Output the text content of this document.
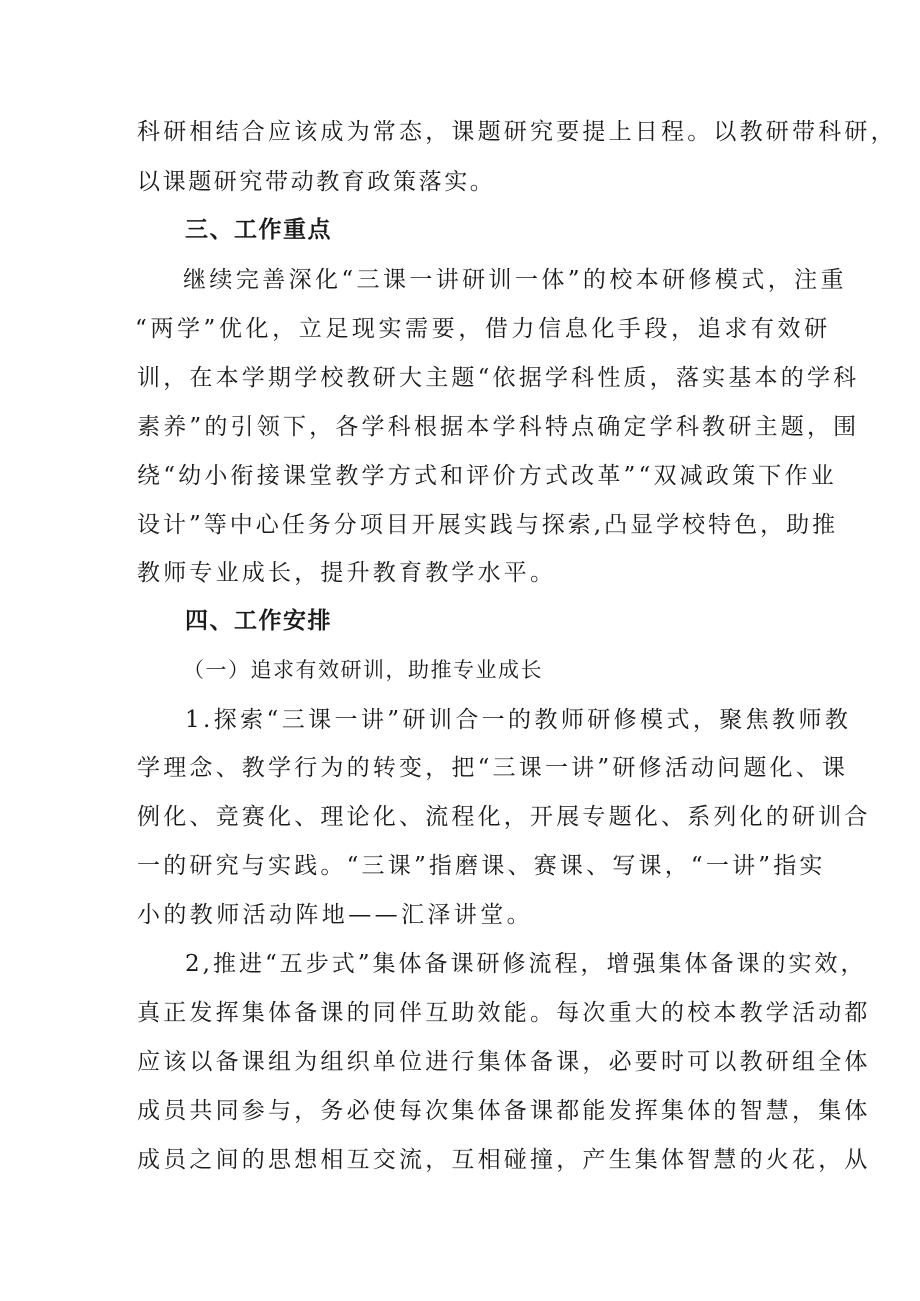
科研相结合应该成为常态，课题研究要提上日程。以教研带科研，
以课题研究带动教育政策落实。
三、工作重点
继续完善深化“三课一讲研训一体”的校本研修模式，注重
“两学”优化，立足现实需要，借力信息化手段，追求有效研
训，在本学期学校教研大主题“依据学科性质，落实基本的学科
素养”的引领下，各学科根据本学科特点确定学科教研主题，围
绕“幼小衔接课堂教学方式和评价方式改革”“双减政策下作业
设计”等中心任务分项目开展实践与探索,凸显学校特色，助推
教师专业成长，提升教育教学水平。
四、工作安排
（一）追求有效研训，助推专业成长
1.探索“三课一讲”研训合一的教师研修模式，聚焦教师教
学理念、教学行为的转变，把“三课一讲”研修活动问题化、课
例化、竞赛化、理论化、流程化，开展专题化、系列化的研训合
一的研究与实践。“三课”指磨课、赛课、写课，“一讲”指实
小的教师活动阵地——汇泽讲堂。
2,推进“五步式”集体备课研修流程，增强集体备课的实效，
真正发挥集体备课的同伴互助效能。每次重大的校本教学活动都
应该以备课组为组织单位进行集体备课，必要时可以教研组全体
成员共同参与，务必使每次集体备课都能发挥集体的智慧，集体
成员之间的思想相互交流，互相碰撞，产生集体智慧的火花，从
